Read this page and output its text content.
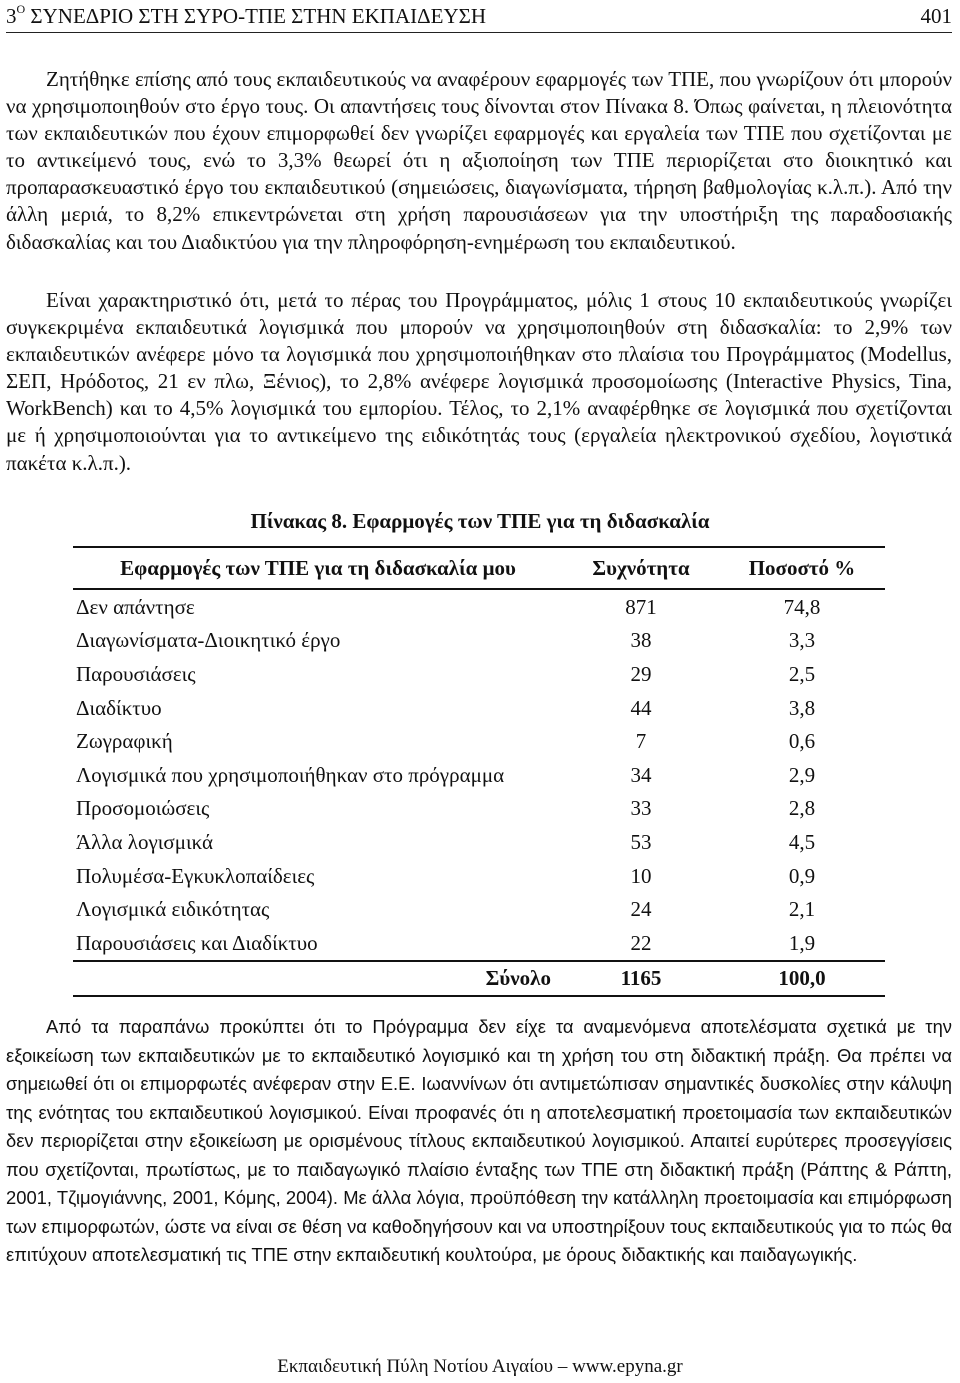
$3^O$ ΣΥΝΕΔΡΙΟ ΣΤΗ ΣΥΡΟ-ΤΠΕ ΣΤΗΝ ΕΚΠΑΙΔΕΥΣΗ	401

Ζητήθηκε επίσης από τους εκπαιδευτικούς να αναφέρουν εφαρμογές των ΤΠΕ, που γνωρίζουν ότι μπορούν να χρησιμοποιηθούν στο έργο τους. Οι απαντήσεις τους δίνονται στον Πίνακα 8. Όπως φαίνεται, η πλειονότητα των εκπαιδευτικών που έχουν επιμορφωθεί δεν γνωρίζει εφαρμογές και εργαλεία των ΤΠΕ που σχετίζονται με το αντικείμενό τους, ενώ το 3,3% θεωρεί ότι η αξιοποίηση των ΤΠΕ περιορίζεται στο διοικητικό και προπαρασκευαστικό έργο του εκπαιδευτικού (σημειώσεις, διαγωνίσματα, τήρηση βαθμολογίας κ.λ.π.). Από την άλλη μεριά, το 8,2% επικεντρώνεται στη χρήση παρουσιάσεων για την υποστήριξη της παραδοσιακής διδασκαλίας και του Διαδικτύου για την πληροφόρηση-ενημέρωση του εκπαιδευτικού.

Είναι χαρακτηριστικό ότι, μετά το πέρας του Προγράμματος, μόλις 1 στους 10 εκπαιδευτικούς γνωρίζει συγκεκριμένα εκπαιδευτικά λογισμικά που μπορούν να χρησιμοποιηθούν στη διδασκαλία: το 2,9% των εκπαιδευτικών ανέφερε μόνο τα λογισμικά που χρησιμοποιήθηκαν στο πλαίσια του Προγράμματος (Modellus, ΣΕΠ, Ηρόδοτος, 21 εν πλω, Ξένιος), το 2,8% ανέφερε λογισμικά προσομοίωσης (Interactive Physics, Tina, WorkBench) και το 4,5% λογισμικά του εμπορίου. Τέλος, το 2,1% αναφέρθηκε σε λογισμικά που σχετίζονται με ή χρησιμοποιούνται για το αντικείμενο της ειδικότητάς τους (εργαλεία ηλεκτρονικού σχεδίου, λογιστικά πακέτα κ.λ.π.).

Πίνακας 8. Εφαρμογές των ΤΠΕ για τη διδασκαλία
Εφαρμογές των ΤΠΕ για τη διδασκαλία μου	Συχνότητα	Ποσοστό %
Δεν απάντησε	871	74,8
Διαγωνίσματα-Διοικητικό έργο	38	3,3
Παρουσιάσεις	29	2,5
Διαδίκτυο	44	3,8
Ζωγραφική	7	0,6
Λογισμικά που χρησιμοποιήθηκαν στο πρόγραμμα	34	2,9
Προσομοιώσεις	33	2,8
Άλλα λογισμικά	53	4,5
Πολυμέσα-Εγκυκλοπαίδειες	10	0,9
Λογισμικά ειδικότητας	24	2,1
Παρουσιάσεις και Διαδίκτυο	22	1,9
Σύνολο	1165	100,0

Από τα παραπάνω προκύπτει ότι το Πρόγραμμα δεν είχε τα αναμενόμενα αποτελέσματα σχετικά με την εξοικείωση των εκπαιδευτικών με το εκπαιδευτικό λογισμικό και τη χρήση του στη διδακτική πράξη. Θα πρέπει να σημειωθεί ότι οι επιμορφωτές ανέφεραν στην Ε.Ε. Ιωαννίνων ότι αντιμετώπισαν σημαντικές δυσκολίες στην κάλυψη της ενότητας του εκπαιδευτικού λογισμικού. Είναι προφανές ότι η αποτελεσματική προετοιμασία των εκπαιδευτικών δεν περιορίζεται στην εξοικείωση με ορισμένους τίτλους εκπαιδευτικού λογισμικού. Απαιτεί ευρύτερες προσεγγίσεις που σχετίζονται, πρωτίστως, με το παιδαγωγικό πλαίσιο ένταξης των ΤΠΕ στη διδακτική πράξη (Ράπτης & Ράπτη, 2001, Τζιμογιάννης, 2001, Κόμης, 2004). Με άλλα λόγια, προϋπόθεση την κατάλληλη προετοιμασία και επιμόρφωση των επιμορφωτών, ώστε να είναι σε θέση να καθοδηγήσουν και να υποστηρίξουν τους εκπαιδευτικούς για το πώς θα επιτύχουν αποτελεσματική τις ΤΠΕ στην εκπαιδευτική κουλτούρα, με όρους διδακτικής και παιδαγωγικής.

Εκπαιδευτική Πύλη Νοτίου Αιγαίου – www.epyna.gr
